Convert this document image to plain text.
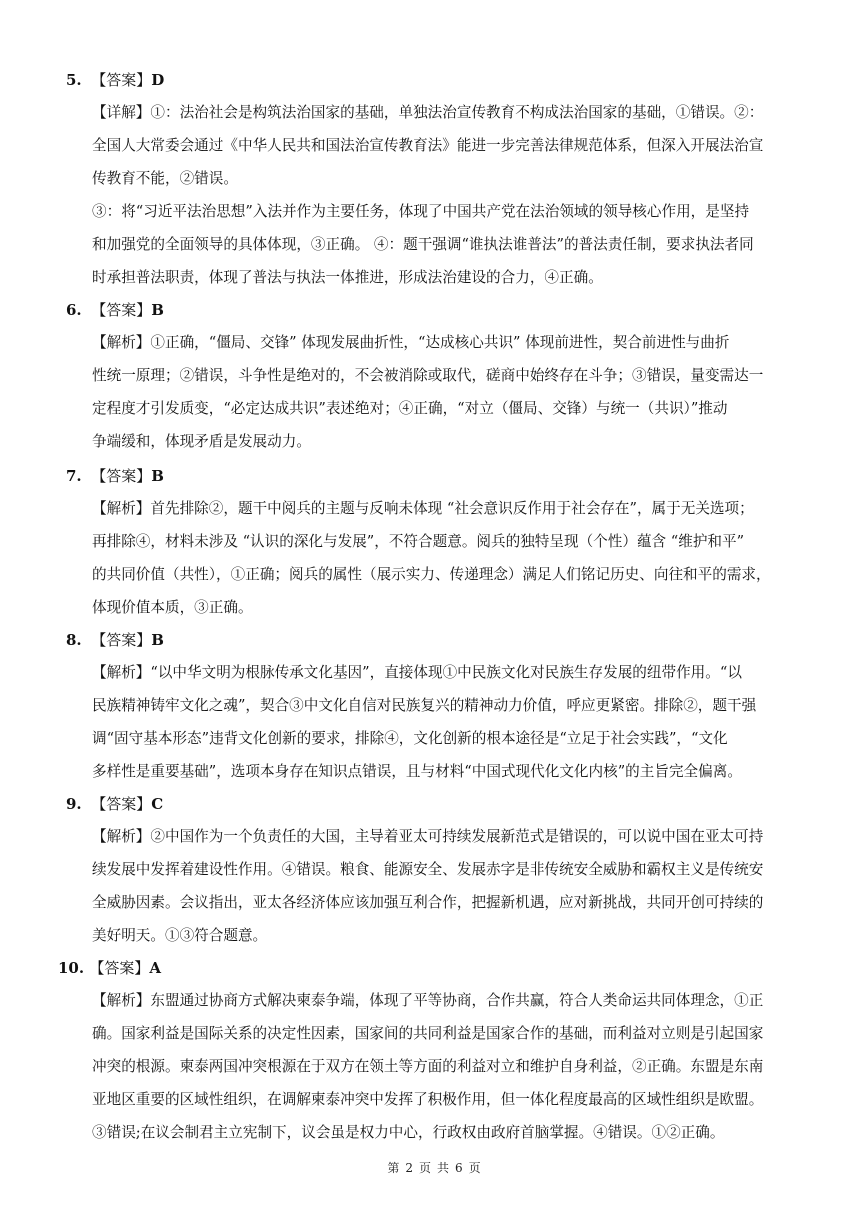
5. 【答案】D
【详解】①：法治社会是构筑法治国家的基础，单独法治宣传教育不构成法治国家的基础，①错误。②：
全国人大常委会通过《中华人民共和国法治宣传教育法》能进一步完善法律规范体系，但深入开展法治宣
传教育不能，②错误。
③：将“习近平法治思想”入法并作为主要任务，体现了中国共产党在法治领域的领导核心作用，是坚持
和加强党的全面领导的具体体现，③正确。 ④：题干强调“谁执法谁普法”的普法责任制，要求执法者同
时承担普法职责，体现了普法与执法一体推进，形成法治建设的合力，④正确。
6. 【答案】B
【解析】①正确，“僵局、交锋” 体现发展曲折性，“达成核心共识” 体现前进性，契合前进性与曲折
性统一原理；②错误，斗争性是绝对的，不会被消除或取代，磋商中始终存在斗争；③错误，量变需达一
定程度才引发质变，“必定达成共识”表述绝对；④正确，“对立（僵局、交锋）与统一（共识）”推动
争端缓和，体现矛盾是发展动力。
7. 【答案】B
【解析】首先排除②，题干中阅兵的主题与反响未体现 “社会意识反作用于社会存在”，属于无关选项；
再排除④，材料未涉及 “认识的深化与发展”，不符合题意。阅兵的独特呈现（个性）蕴含 “维护和平”
的共同价值（共性），①正确；阅兵的属性（展示实力、传递理念）满足人们铭记历史、向往和平的需求，
体现价值本质，③正确。
8. 【答案】B
【解析】“以中华文明为根脉传承文化基因”，直接体现①中民族文化对民族生存发展的纽带作用。“以
民族精神铸牢文化之魂”，契合③中文化自信对民族复兴的精神动力价值，呼应更紧密。排除②，题干强
调“固守基本形态”违背文化创新的要求，排除④，文化创新的根本途径是“立足于社会实践”，“文化
多样性是重要基础”，选项本身存在知识点错误，且与材料“中国式现代化文化内核”的主旨完全偏离。
9. 【答案】C
【解析】②中国作为一个负责任的大国，主导着亚太可持续发展新范式是错误的，可以说中国在亚太可持
续发展中发挥着建设性作用。④错误。粮食、能源安全、发展赤字是非传统安全威胁和霸权主义是传统安
全威胁因素。会议指出，亚太各经济体应该加强互利合作，把握新机遇，应对新挑战，共同开创可持续的
美好明天。①③符合题意。
10. 【答案】A
【解析】东盟通过协商方式解决柬泰争端，体现了平等协商，合作共赢，符合人类命运共同体理念，①正
确。国家利益是国际关系的决定性因素，国家间的共同利益是国家合作的基础，而利益对立则是引起国家
冲突的根源。柬泰两国冲突根源在于双方在领土等方面的利益对立和维护自身利益，②正确。东盟是东南
亚地区重要的区域性组织，在调解柬泰冲突中发挥了积极作用，但一体化程度最高的区域性组织是欧盟。
③错误;在议会制君主立宪制下，议会虽是权力中心，行政权由政府首脑掌握。④错误。①②正确。
第 2 页 共 6 页
